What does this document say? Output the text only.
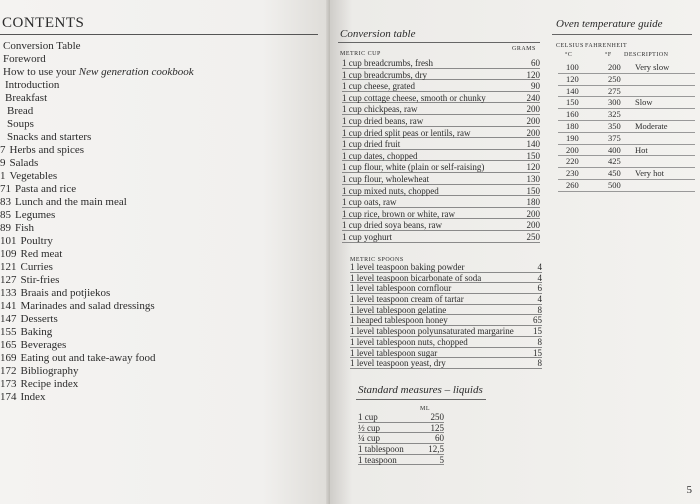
CONTENTS
Conversion Table
Foreword
How to use your New generation cookbook
Introduction
Breakfast
Bread
Soups
Snacks and starters
7 Herbs and spices
9 Salads
1 Vegetables
71 Pasta and rice
83 Lunch and the main meal
85 Legumes
89 Fish
101 Poultry
109 Red meat
121 Curries
127 Stir-fries
133 Braais and potjiekos
141 Marinades and salad dressings
147 Desserts
155 Baking
165 Beverages
169 Eating out and take-away food
172 Bibliography
173 Recipe index
174 Index
Conversion table
METRIC CUP
GRAMS
1 cup breadcrumbs, fresh	60
1 cup breadcrumbs, dry	120
1 cup cheese, grated	90
1 cup cottage cheese, smooth or chunky	240
1 cup chickpeas, raw	200
1 cup dried beans, raw	200
1 cup dried split peas or lentils, raw	200
1 cup dried fruit	140
1 cup dates, chopped	150
1 cup flour, white (plain or self-raising)	120
1 cup flour, wholewheat	130
1 cup mixed nuts, chopped	150
1 cup oats, raw	180
1 cup rice, brown or white, raw	200
1 cup dried soya beans, raw	200
1 cup yoghurt	250
METRIC SPOONS
1 level teaspoon baking powder	4
1 level teaspoon bicarbonate of soda	4
1 level tablespoon cornflour	6
1 level teaspoon cream of tartar	4
1 level tablespoon gelatine	8
1 heaped tablespoon honey	65
1 level tablespoon polyunsaturated margarine 15
1 level tablespoon nuts, chopped	8
1 level tablespoon sugar	15
1 level teaspoon yeast, dry	8
Standard measures – liquids
ML
1 cup	250
½ cup	125
¼ cup	60
1 tablespoon	12,5
1 teaspoon	5
Oven temperature guide
CELSIUS FAHRENHEIT
°C	°F DESCRIPTION
100	200	Very slow
120	250
140	275
150	300	Slow
160	325
180	350	Moderate
190	375
200	400	Hot
220	425
230	450	Very hot
260	500
5
